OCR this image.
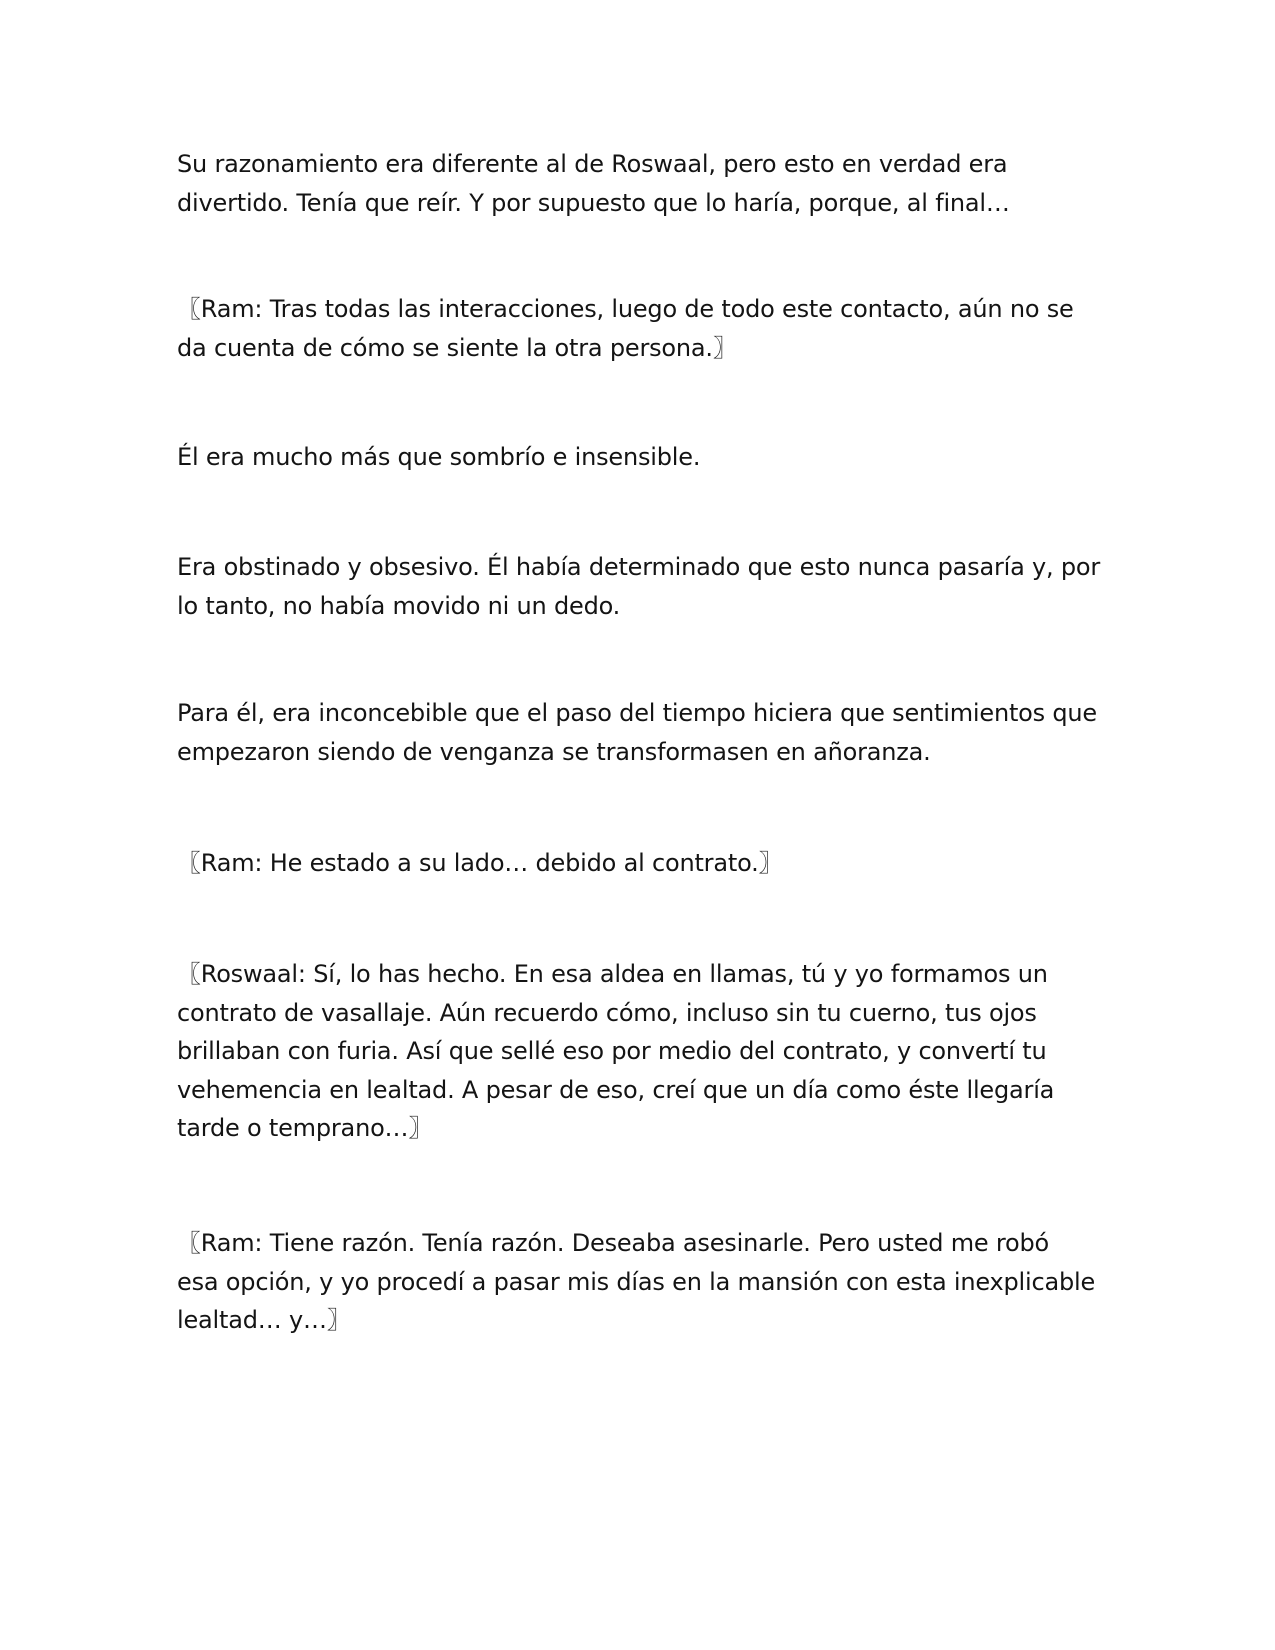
Su razonamiento era diferente al de Roswaal, pero esto en verdad era
divertido. Tenía que reír. Y por supuesto que lo haría, porque, al final…

〖Ram: Tras todas las interacciones, luego de todo este contacto, aún no se
da cuenta de cómo se siente la otra persona.〗

Él era mucho más que sombrío e insensible.

Era obstinado y obsesivo. Él había determinado que esto nunca pasaría y, por
lo tanto, no había movido ni un dedo.

Para él, era inconcebible que el paso del tiempo hiciera que sentimientos que
empezaron siendo de venganza se transformasen en añoranza.

〖Ram: He estado a su lado… debido al contrato.〗

〖Roswaal: Sí, lo has hecho. En esa aldea en llamas, tú y yo formamos un
contrato de vasallaje. Aún recuerdo cómo, incluso sin tu cuerno, tus ojos
brillaban con furia. Así que sellé eso por medio del contrato, y convertí tu
vehemencia en lealtad. A pesar de eso, creí que un día como éste llegaría
tarde o temprano…〗

〖Ram: Tiene razón. Tenía razón. Deseaba asesinarle. Pero usted me robó
esa opción, y yo procedí a pasar mis días en la mansión con esta inexplicable
lealtad… y…〗
